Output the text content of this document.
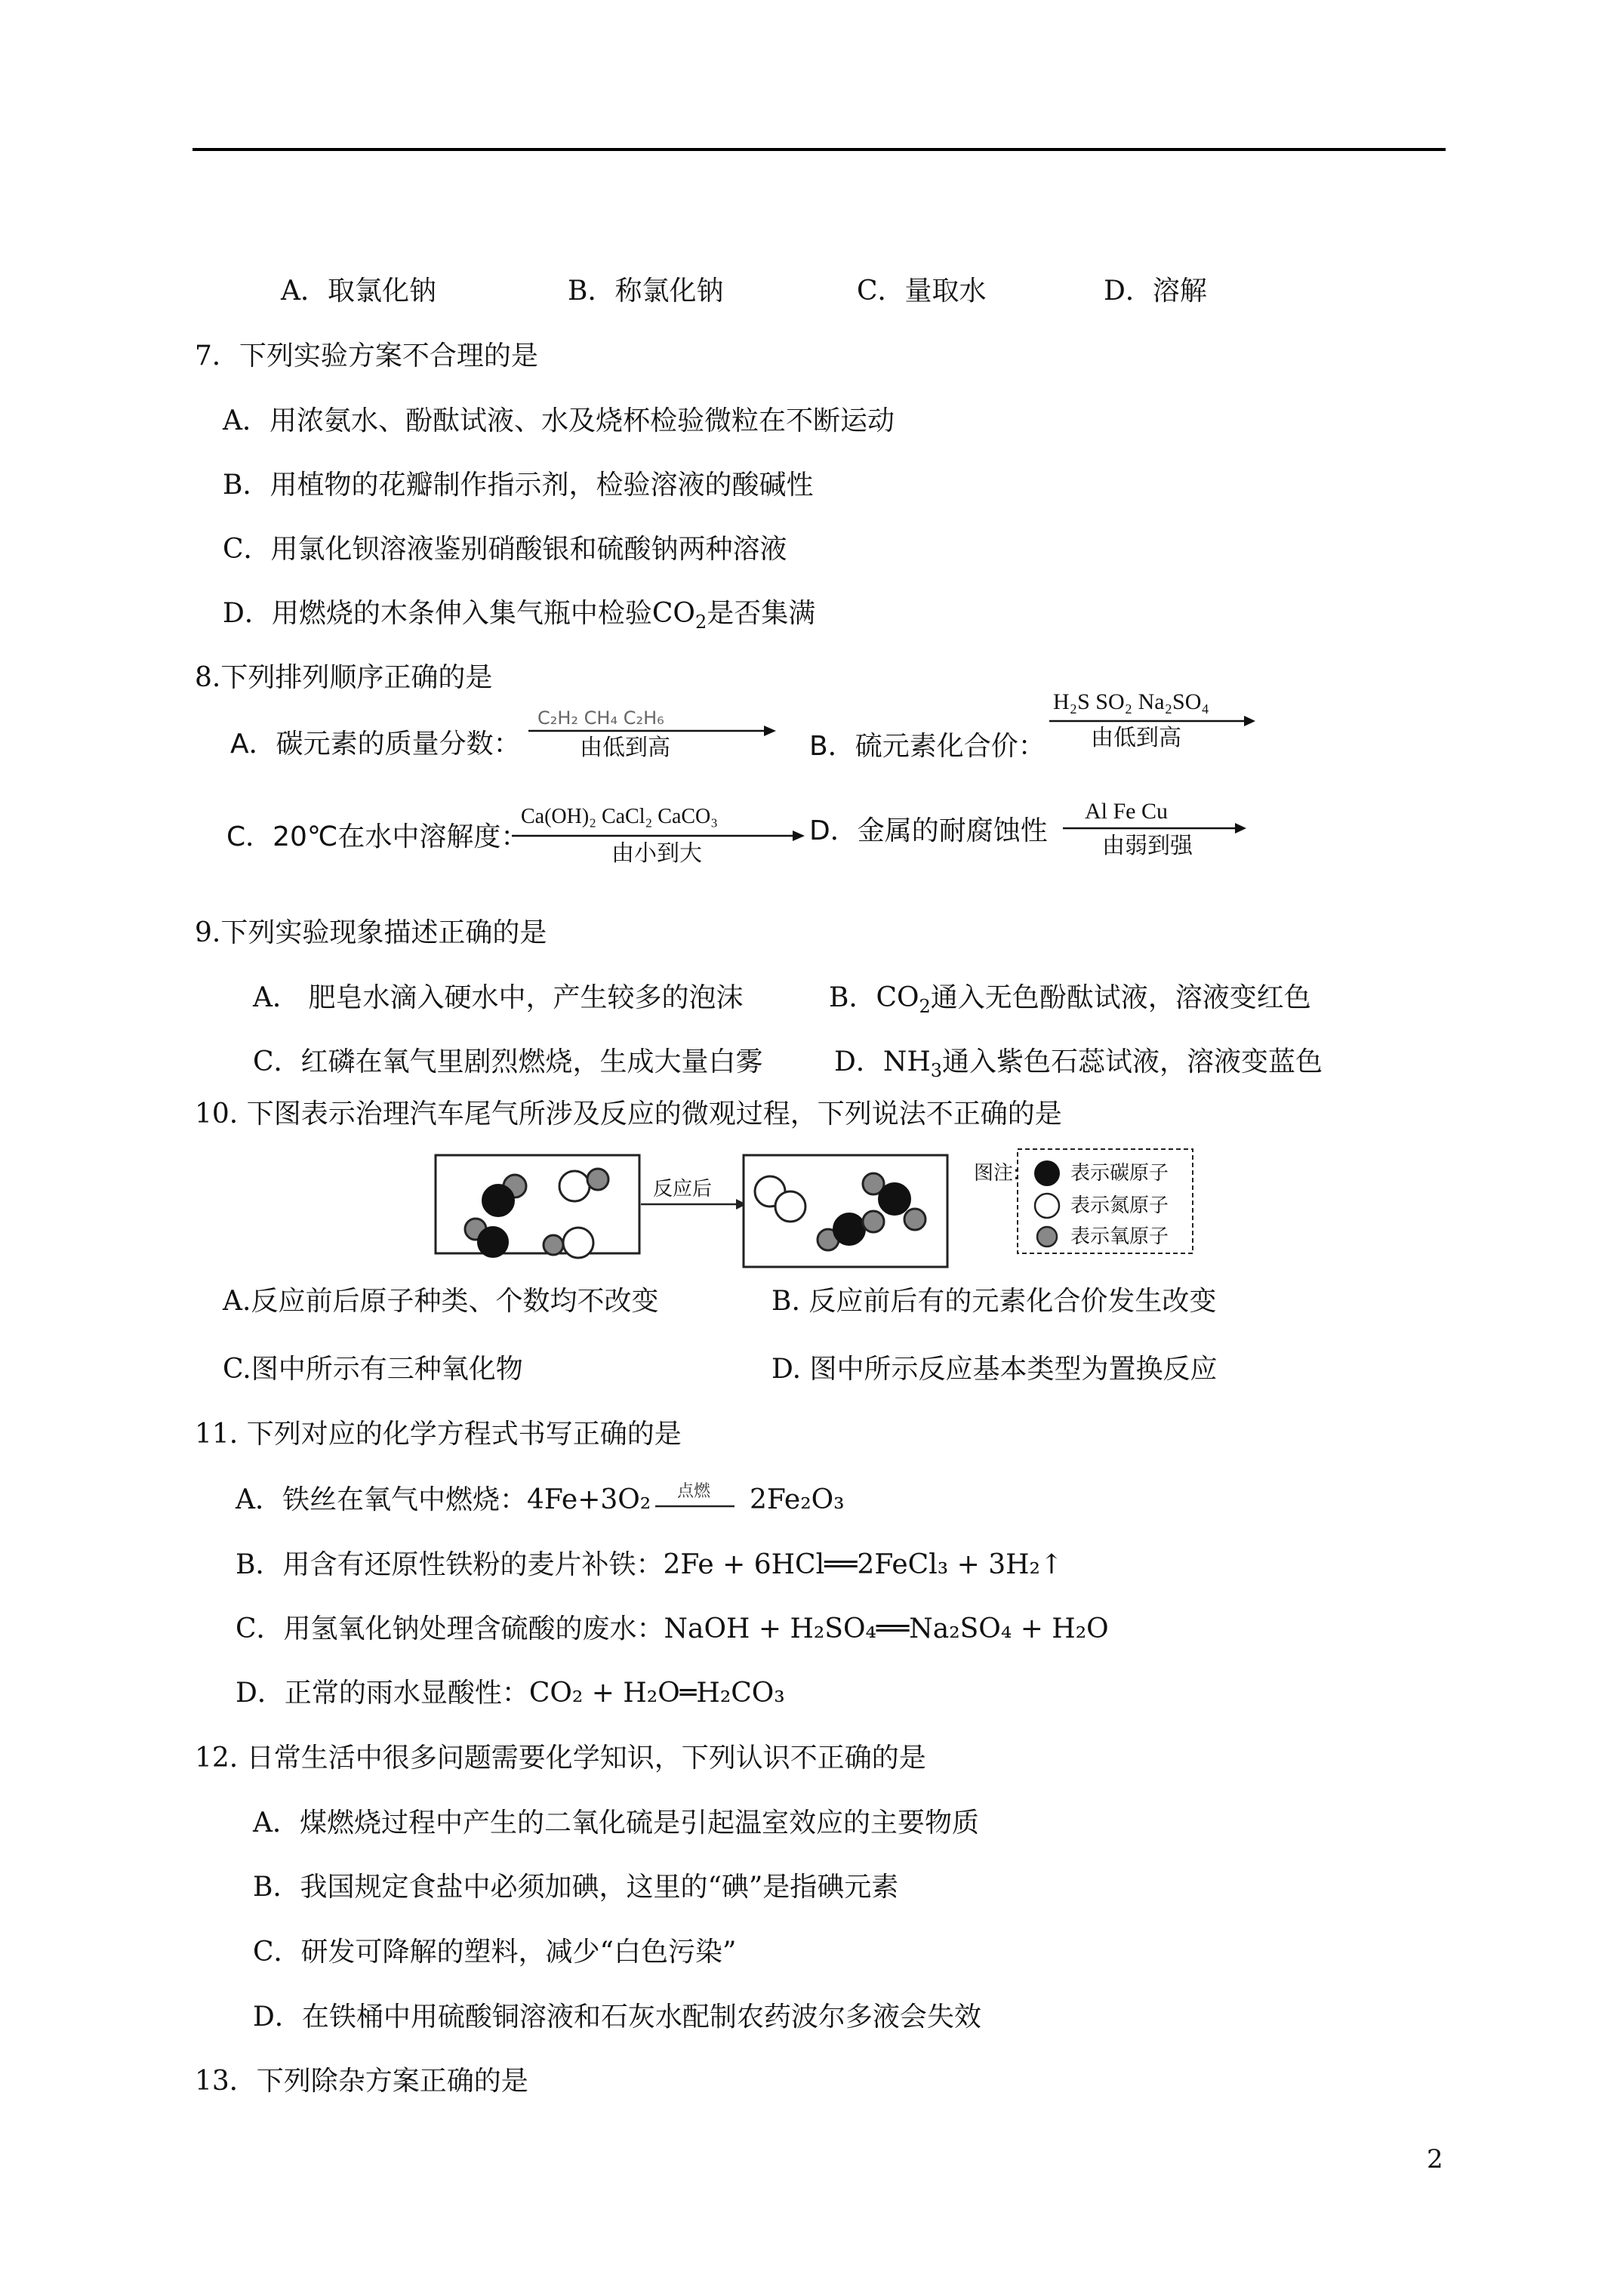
A．取氯化钠	B．称氯化钠	C．量取水	D．溶解
7．下列实验方案不合理的是
A．用浓氨水、酚酞试液、水及烧杯检验微粒在不断运动
B．用植物的花瓣制作指示剂，检验溶液的酸碱性
C．用氯化钡溶液鉴别硝酸银和硫酸钠两种溶液
D．用燃烧的木条伸入集气瓶中检验$CO_2$是否集满
8.下列排列顺序正确的是
A．碳元素的质量分数：
C₂H₂ CH₄ C₂H₆
由低到高	B．硫元素化合价：
H₂S SO₂ Na₂SO₄
由低到高
C．20℃在水中溶解度：
Ca(OH)₂ CaCl₂ CaCO₃
由小到大
D．金属的耐腐蚀性
Al Fe Cu
由弱到强
9.下列实验现象描述正确的是
A． 肥皂水滴入硬水中，产生较多的泡沫	B．$CO_2$通入无色酚酞试液，溶液变红色
C．红磷在氧气里剧烈燃烧，生成大量白雾	D．$NH_3$通入紫色石蕊试液，溶液变蓝色
10. 下图表示治理汽车尾气所涉及反应的微观过程，下列说法不正确的是
反应后
图注:	表示碳原子
表示氮原子
表示氧原子
A.反应前后原子种类、个数均不改变	B. 反应前后有的元素化合价发生改变
C.图中所示有三种氧化物	D. 图中所示反应基本类型为置换反应
11. 下列对应的化学方程式书写正确的是
A．铁丝在氧气中燃烧：4Fe+3O₂ 点燃 2Fe₂O₃
B．用含有还原性铁粉的麦片补铁：2Fe + 6HCl══2FeCl₃ + 3H₂↑
C．用氢氧化钠处理含硫酸的废水：NaOH + H₂SO₄══Na₂SO₄ + H₂O
D．正常的雨水显酸性：CO₂ + H₂O═H₂CO₃
12. 日常生活中很多问题需要化学知识，下列认识不正确的是
A．煤燃烧过程中产生的二氧化硫是引起温室效应的主要物质
B．我国规定食盐中必须加碘，这里的“碘”是指碘元素
C．研发可降解的塑料，减少“白色污染”
D．在铁桶中用硫酸铜溶液和石灰水配制农药波尔多液会失效
13．下列除杂方案正确的是
2
